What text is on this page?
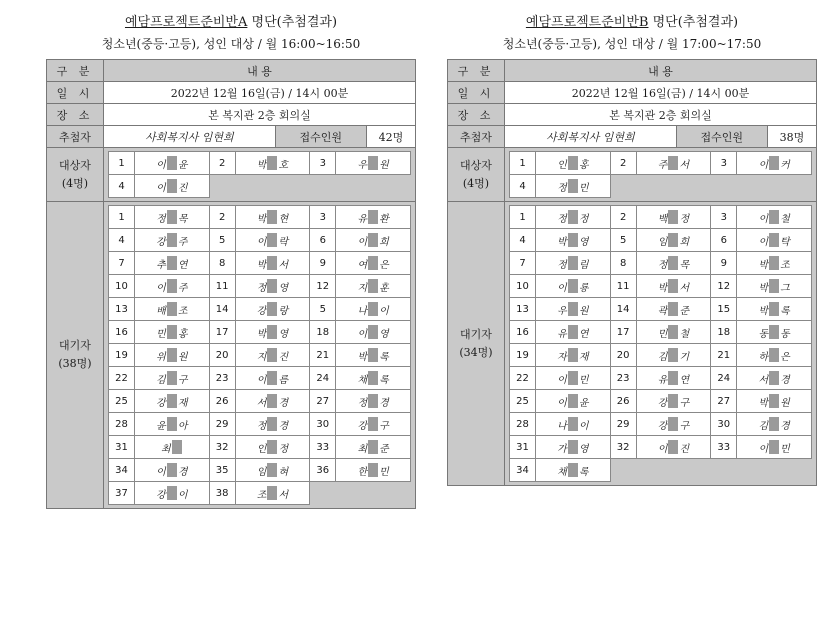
예담프로젝트준비반A 명단(추첨결과)
청소년(중등·고등), 성인 대상 / 월 16:00~16:50
구 분	내 용
일 시	2022년 12월 16일(금) / 14시 00분
장 소	본 복지관 2층 회의실
추첨자	사회복지사 임현희	접수인원	42명

대상자
(4명)

1	이 윤	2	박 호	3	우 원
4	이 진				

대기자
(38명)

1	정 목	2	박 현	3	유 환
4	강 주	5	이 락	6	이 희
7	추 연	8	박 서	9	여 은
10	이 주	11	정 영	12	지 훈
13	배 조	14	강 랑	5	나 이
16	민 홍	17	박 영	18	이 영
19	위 원	20	지 진	21	박 록
22	김 구	23	이 름	24	채 록
25	강 재	26	서 경	27	정 경
28	윤 아	29	정 경	30	강 구
31	최	32	인 정	33	최 준
34	이 경	35	임 혀	36	한 민
37	강 이	38	조 서		
예담프로젝트준비반B 명단(추첨결과)
청소년(중등·고등), 성인 대상 / 월 17:00~17:50
구 분	내 용
일 시	2022년 12월 16일(금) / 14시 00분
장 소	본 복지관 2층 회의실
추첨자	사회복지사 임현희	접수인원	38명

대상자
(4명)

1	인 홍	2	주 서	3	이 커
4	정 민				

대기자
(34명)

1	정 정	2	백 정	3	이 철
4	박 영	5	임 희	6	이 탁
7	정 림	8	정 목	9	박 조
10	이 룡	11	박 서	12	박 그
13	우 원	14	곽 준	15	박 록
16	유 연	17	민 철	18	동 동
19	자 재	20	김 기	21	하 은
22	이 민	23	유 연	24	서 경
25	이 윤	26	강 구	27	박 원
28	나 이	29	강 구	30	김 경
31	가 영	32	이 진	33	이 민
34	채 록				
